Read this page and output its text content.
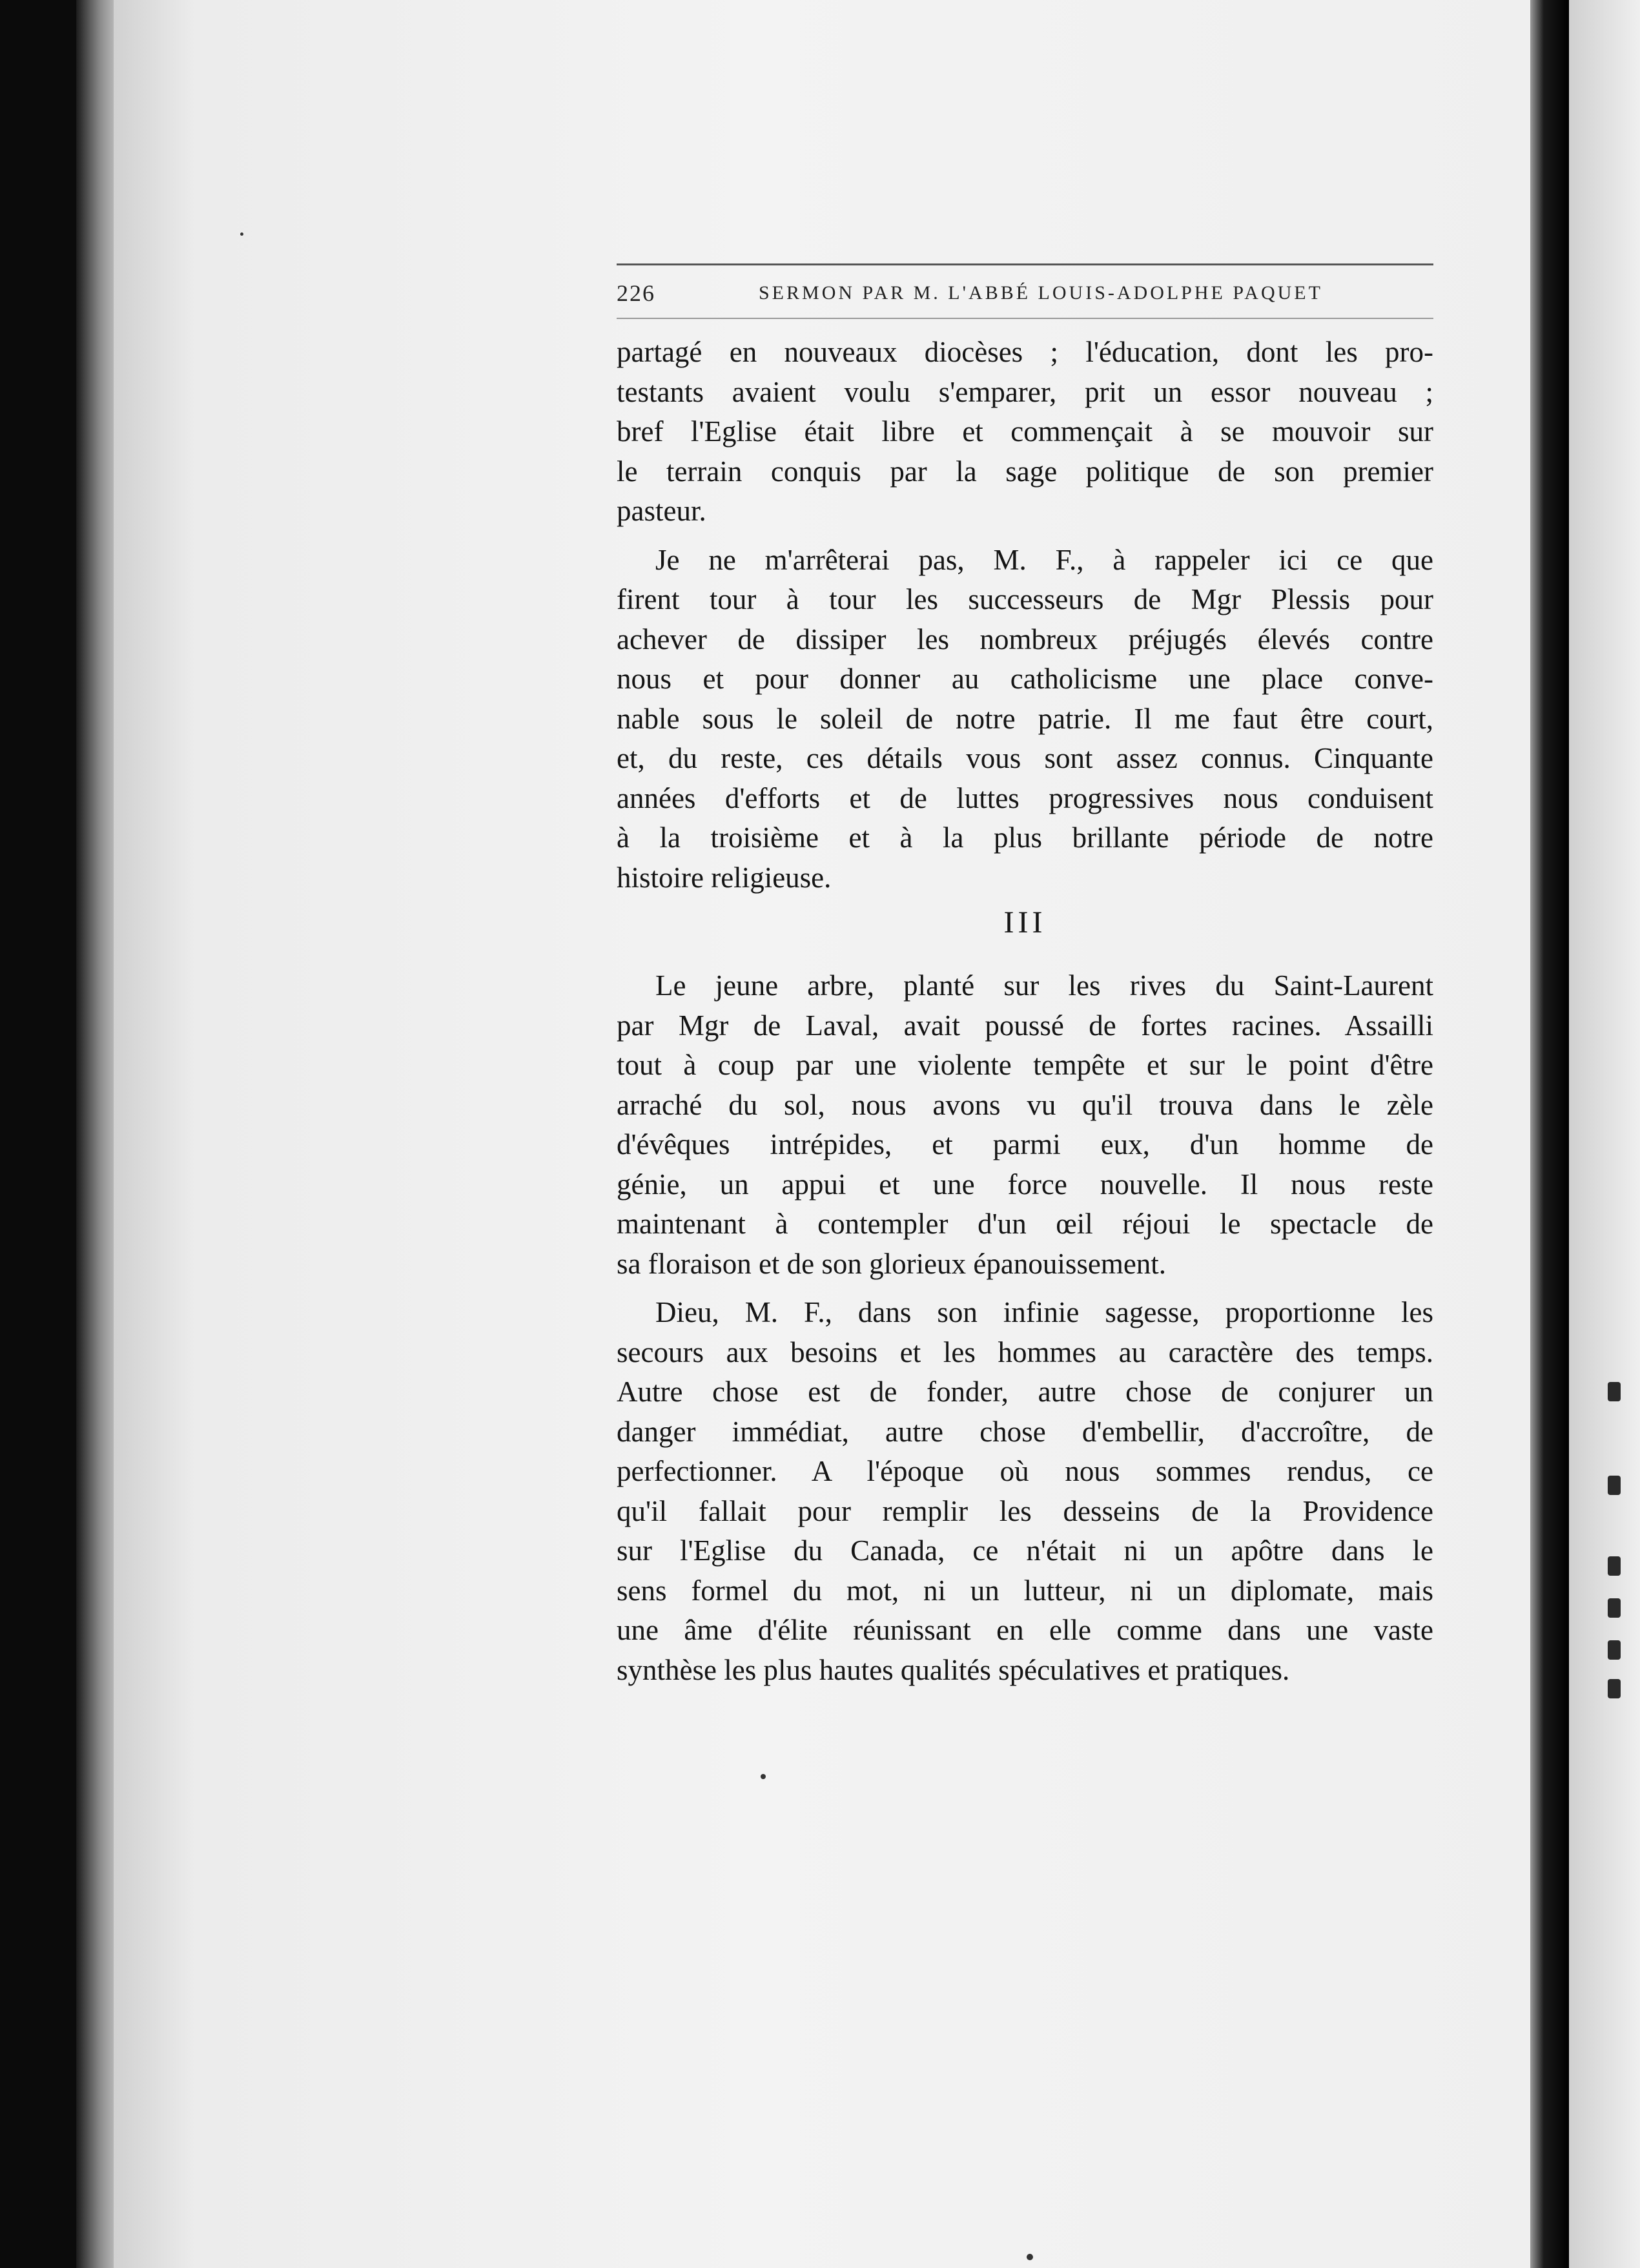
226	SERMON PAR M. L'ABBÉ LOUIS-ADOLPHE PAQUET
partagé en nouveaux diocèses ; l'éducation, dont les pro-
testants avaient voulu s'emparer, prit un essor nouveau ;
bref l'Eglise était libre et commençait à se mouvoir sur
le terrain conquis par la sage politique de son premier
pasteur.
Je ne m'arrêterai pas, M. F., à rappeler ici ce que
firent tour à tour les successeurs de Mgr Plessis pour
achever de dissiper les nombreux préjugés élevés contre
nous et pour donner au catholicisme une place conve-
nable sous le soleil de notre patrie. Il me faut être court,
et, du reste, ces détails vous sont assez connus. Cinquante
années d'efforts et de luttes progressives nous conduisent
à la troisième et à la plus brillante période de notre
histoire religieuse.
III
Le jeune arbre, planté sur les rives du Saint-Laurent
par Mgr de Laval, avait poussé de fortes racines. Assailli
tout à coup par une violente tempête et sur le point d'être
arraché du sol, nous avons vu qu'il trouva dans le zèle
d'évêques intrépides, et parmi eux, d'un homme de
génie, un appui et une force nouvelle. Il nous reste
maintenant à contempler d'un œil réjoui le spectacle de
sa floraison et de son glorieux épanouissement.
Dieu, M. F., dans son infinie sagesse, proportionne les
secours aux besoins et les hommes au caractère des temps.
Autre chose est de fonder, autre chose de conjurer un
danger immédiat, autre chose d'embellir, d'accroître, de
perfectionner. A l'époque où nous sommes rendus, ce
qu'il fallait pour remplir les desseins de la Providence
sur l'Eglise du Canada, ce n'était ni un apôtre dans le
sens formel du mot, ni un lutteur, ni un diplomate, mais
une âme d'élite réunissant en elle comme dans une vaste
synthèse les plus hautes qualités spéculatives et pratiques.
